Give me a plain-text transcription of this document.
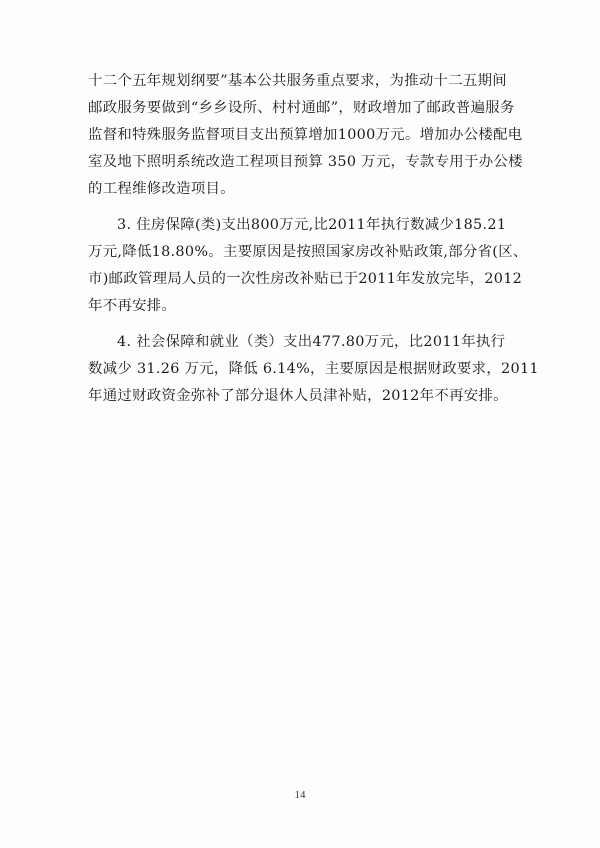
十二个五年规划纲要”基本公共服务重点要求，为推动十二五期间
邮政服务要做到“乡乡设所、村村通邮”，财政增加了邮政普遍服务
监督和特殊服务监督项目支出预算增加1000万元。增加办公楼配电
室及地下照明系统改造工程项目预算 350 万元，专款专用于办公楼
的工程维修改造项目。

3. 住房保障(类)支出800万元,比2011年执行数减少185.21
万元,降低18.80%。主要原因是按照国家房改补贴政策,部分省(区、
市)邮政管理局人员的一次性房改补贴已于2011年发放完毕，2012
年不再安排。

4. 社会保障和就业（类）支出477.80万元，比2011年执行
数减少 31.26 万元，降低 6.14%，主要原因是根据财政要求，2011
年通过财政资金弥补了部分退休人员津补贴，2012年不再安排。

14
